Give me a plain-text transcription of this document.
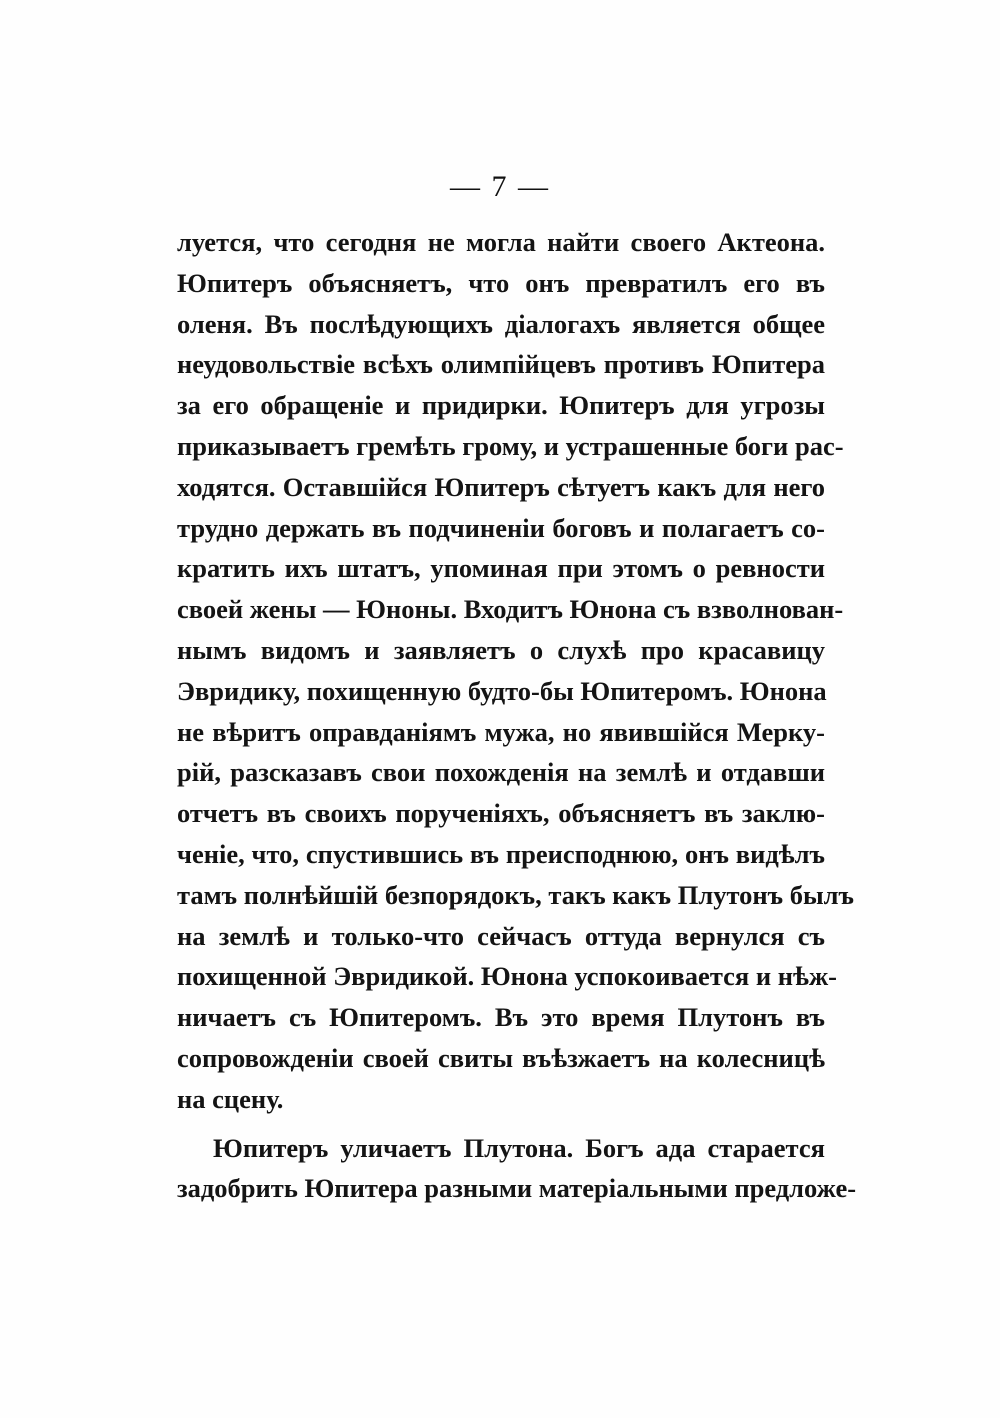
— 7 —
луется, что сегодня не могла найти своего Актеона.
Юпитеръ объясняетъ, что онъ превратилъ его въ
оленя. Въ послѣдующихъ діалогахъ является общее
неудовольствіе всѣхъ олимпійцевъ противъ Юпитера
за его обращеніе и придирки. Юпитеръ для угрозы
приказываетъ гремѣть грому, и устрашенные боги рас-
ходятся. Оставшійся Юпитеръ сѣтуетъ какъ для него
трудно держать въ подчиненіи боговъ и полагаетъ со-
кратить ихъ штатъ, упоминая при этомъ о ревности
своей жены — Юноны. Входитъ Юнона съ взволнован-
нымъ видомъ и заявляетъ о слухѣ про красавицу
Эвридику, похищенную будто-бы Юпитеромъ. Юнона
не вѣритъ оправданіямъ мужа, но явившійся Мерку-
рій, разсказавъ свои похожденія на землѣ и отдавши
отчетъ въ своихъ порученіяхъ, объясняетъ въ заклю-
ченіе, что, спустившись въ преисподнюю, онъ видѣлъ
тамъ полнѣйшій безпорядокъ, такъ какъ Плутонъ былъ
на землѣ и только-что сейчасъ оттуда вернулся съ
похищенной Эвридикой. Юнона успокоивается и нѣж-
ничаетъ съ Юпитеромъ. Въ это время Плутонъ въ
сопровожденіи своей свиты въѣзжаетъ на колесницѣ
на сцену.
Юпитеръ уличаетъ Плутона. Богъ ада старается
задобрить Юпитера разными матеріальными предложе-
